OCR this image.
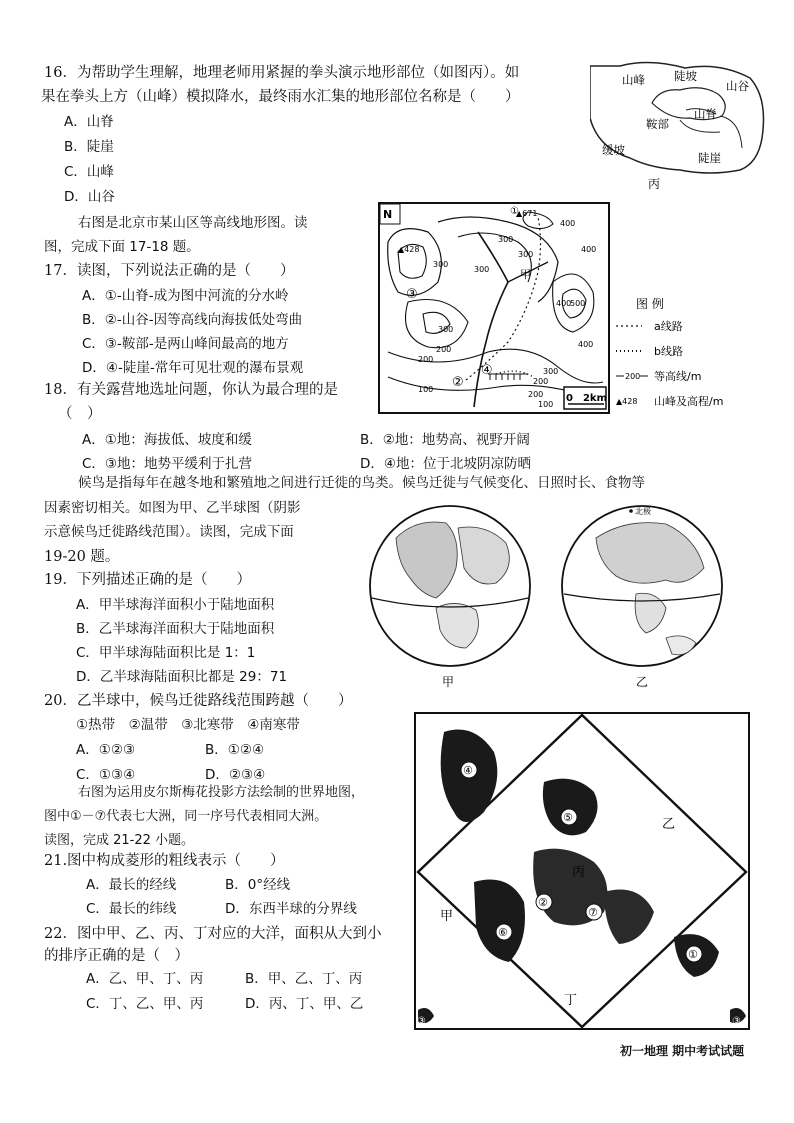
16．为帮助学生理解，地理老师用紧握的拳头演示地形部位（如图丙）。如
果在拳头上方（山峰）模拟降水，最终雨水汇集的地形部位名称是（　　）
A．山脊
B．陡崖
C．山峰
D．山谷
山峰	陡坡
山谷
鞍部
山脊
缓坡
陡崖
丙
右图是北京市某山区等高线地形图。读
图，完成下面 17-18 题。
17．读图，下列说法正确的是（　　）
A．①-山脊-成为图中河流的分水岭
B．②-山谷-因等高线向海拔低处弯曲
C．③-鞍部-是两山峰间最高的地方
D．④-陡崖-常年可见壮观的瀑布景观
18．有关露营地选址问题，你认为最合理的是
（　）
A．①地：海拔低、坡度和缓	B．②地：地势高、视野开阔
C．③地：地势平缓利于扎营	D．④地：位于北坡阴凉防晒
N
▲428
▲671
300
400
300
400
500
400
300
200
200
100
200
300
400
300
300
200
100
③
②
④
①
甲
0　2km
图 例
a线路
b线路
200 等高线/m
▲428 山峰及高程/m
候鸟是指每年在越冬地和繁殖地之间进行迁徙的鸟类。候鸟迁徙与气候变化、日照时长、食物等
因素密切相关。如图为甲、乙半球图（阴影
示意候鸟迁徙路线范围）。读图，完成下面
19-20 题。
19．下列描述正确的是（　　）
A．甲半球海洋面积小于陆地面积
B．乙半球海洋面积大于陆地面积
C．甲半球海陆面积比是 1：1
D．乙半球海陆面积比都是 29：71	甲
北极
乙
20．乙半球中，候鸟迁徙路线范围跨越（　　）
①热带　②温带　③北寒带　④南寒带
A．①②③	B．①②④
C．①③④	D．②③④
右图为运用皮尔斯梅花投影方法绘制的世界地图，
图中①－⑦代表七大洲，同一序号代表相同大洲。
读图，完成 21-22 小题。
21.图中构成菱形的粗线表示（　　）
A．最长的经线	B．0°经线
C．最长的纬线	D．东西半球的分界线
22．图中甲、乙、丙、丁对应的大洋，面积从大到小
的排序正确的是（　）
A．乙、甲、丁、丙	B．甲、乙、丁、丙
C．丁、乙、甲、丙	D．丙、丁、甲、乙
④
⑤
②
⑦
⑥
①
③	③
乙
甲
丙
丁
初一地理 期中考试试题
